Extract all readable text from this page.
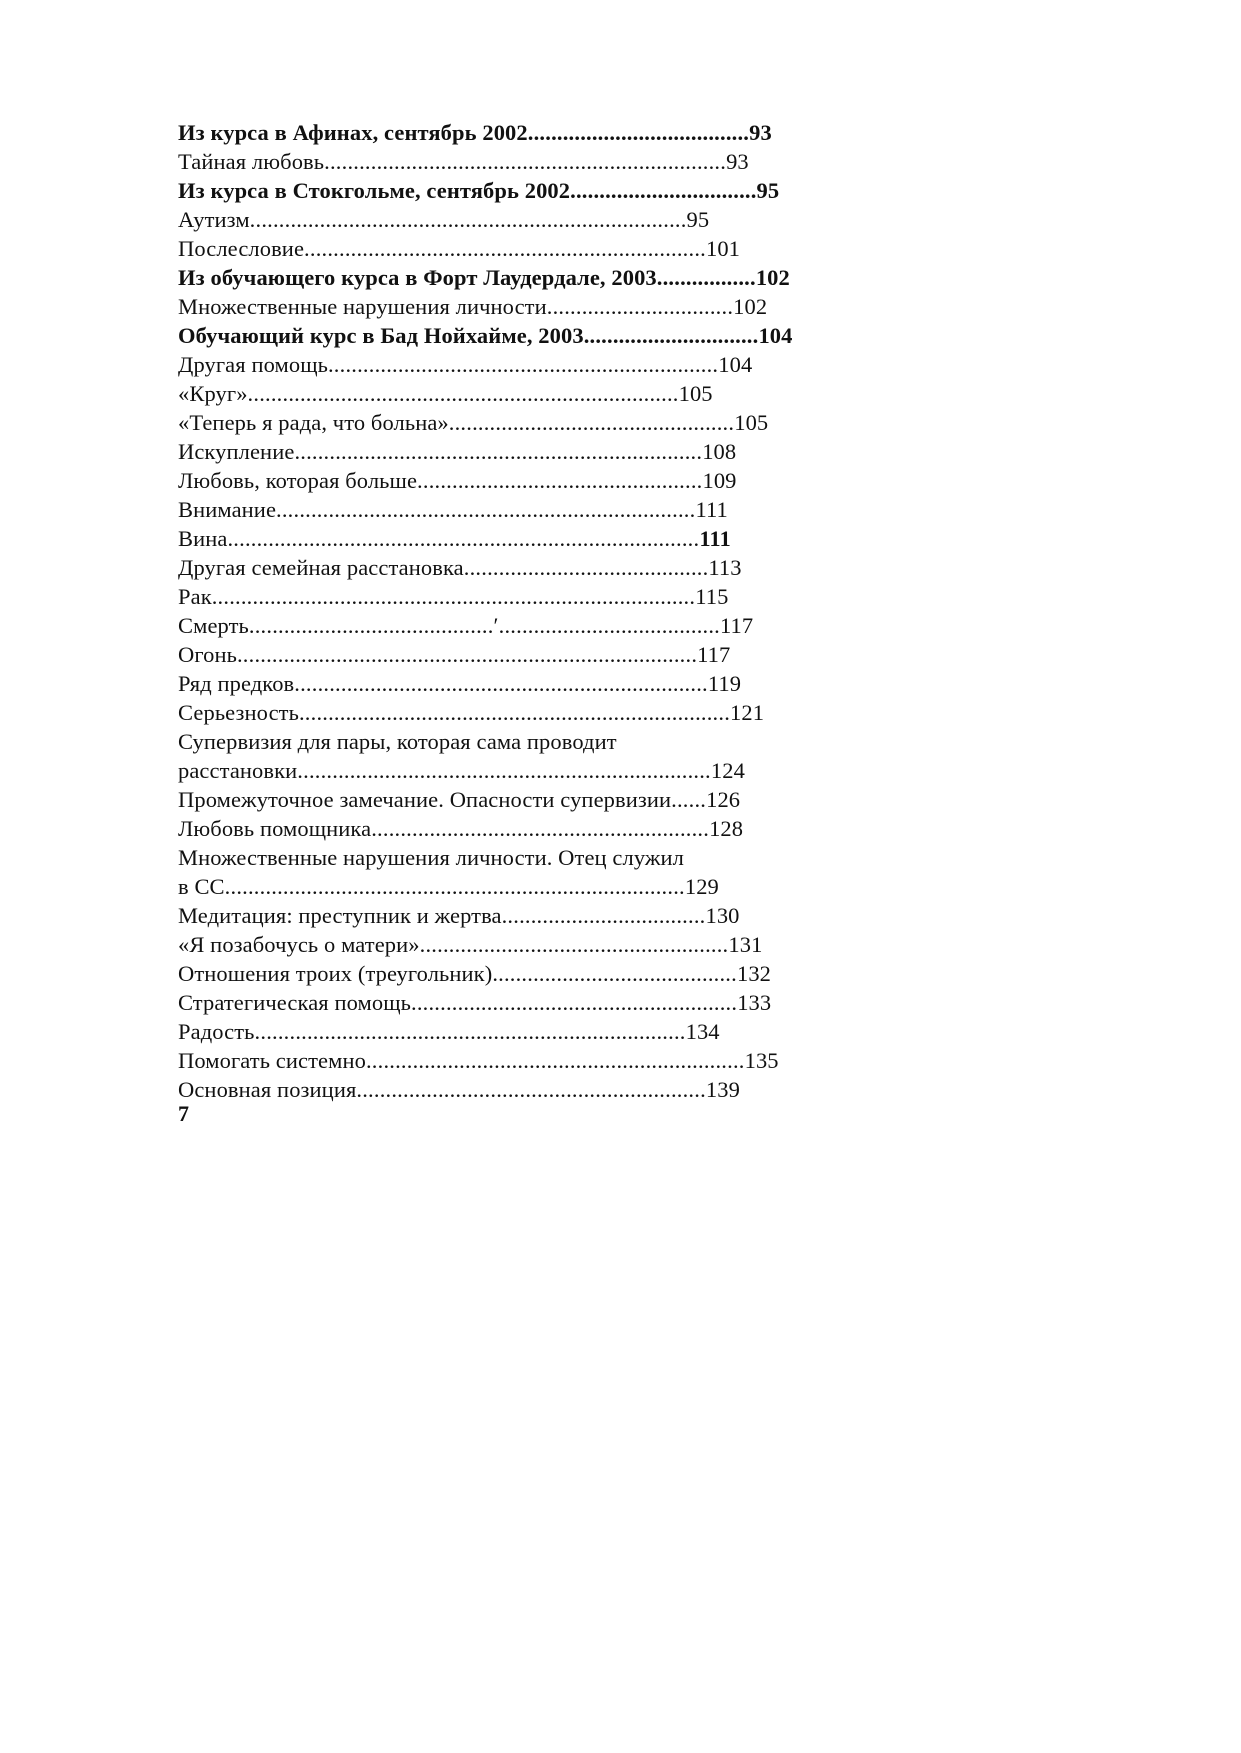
Из курса в Афинах, сентябрь 2002......................................93
Тайная любовь.....................................................................93
Из курса в Стокгольме, сентябрь 2002................................95
Аутизм...........................................................................95
Послесловие.....................................................................101
Из обучающего курса в Форт Лаудердале, 2003.................102
Множественные нарушения личности................................102
Обучающий курс в Бад Нойхайме, 2003..............................104
Другая помощь...................................................................104
«Круг»..........................................................................105
«Теперь я рада, что больна».................................................105
Искупление......................................................................108
Любовь, которая больше.................................................109
Внимание........................................................................111
Вина.................................................................................111
Другая семейная расстановка..........................................113
Рак...................................................................................115
Смерть..........................................′......................................117
Огонь...............................................................................117
Ряд предков.......................................................................119
Серьезность..........................................................................121
Супервизия для пары, которая сама проводит
расстановки.......................................................................124
Промежуточное замечание. Опасности супервизии......126
Любовь помощника..........................................................128
Множественные нарушения личности. Отец служил
в СС...............................................................................129
Медитация: преступник и жертва...................................130
«Я позабочусь о матери».....................................................131
Отношения троих (треугольник)..........................................132
Стратегическая помощь........................................................133
Радость..........................................................................134
Помогать системно.................................................................135
Основная позиция............................................................139
7
